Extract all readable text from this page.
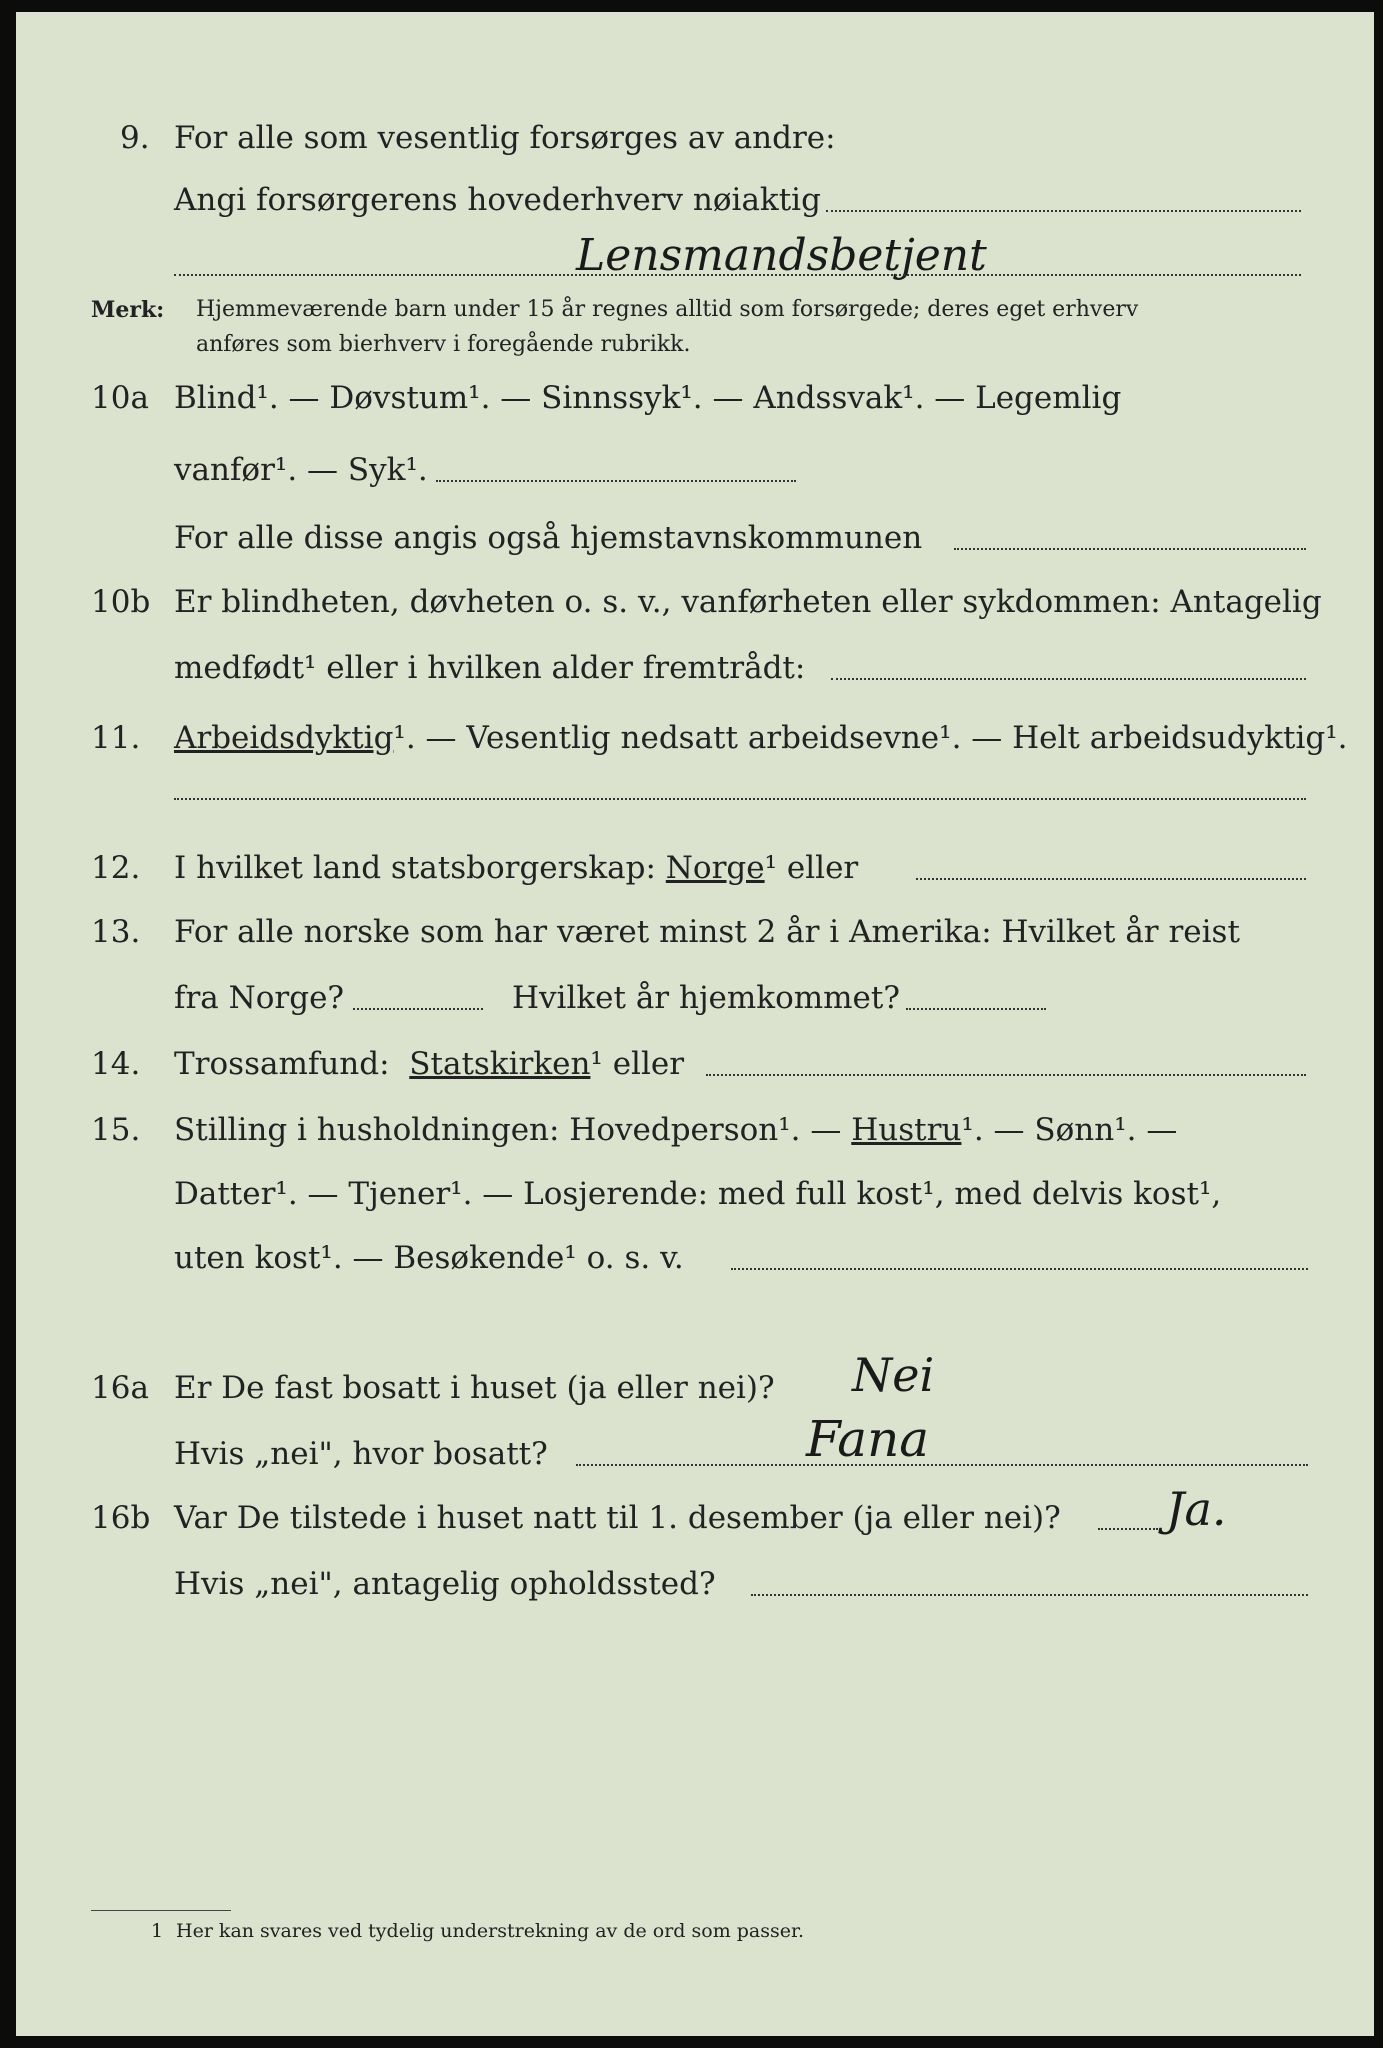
9. For alle som vesentlig forsørges av andre:
Angi forsørgerens hovederhverv nøiaktig
Lensmandsbetjent
Merk: Hjemmeværende barn under 15 år regnes alltid som forsørgede; deres eget erhverv
anføres som bierhverv i foregående rubrikk.
10a Blind¹. — Døvstum¹. — Sinnssyk¹. — Andssvak¹. — Legemlig
vanfør¹. — Syk¹.
For alle disse angis også hjemstavnskommunen
10b Er blindheten, døvheten o. s. v., vanførheten eller sykdommen: Antagelig
medfødt¹ eller i hvilken alder fremtrådt:
11. Arbeidsdyktig¹. — Vesentlig nedsatt arbeidsevne¹. — Helt arbeidsudyktig¹.
12. I hvilket land statsborgerskap: Norge¹ eller
13. For alle norske som har været minst 2 år i Amerika: Hvilket år reist
fra Norge?	Hvilket år hjemkommet?
14. Trossamfund: Statskirken¹ eller
15. Stilling i husholdningen: Hovedperson¹. — Hustru¹. — Sønn¹. —
Datter¹. — Tjener¹. — Losjerende: med full kost¹, med delvis kost¹,
uten kost¹. — Besøkende¹ o. s. v.
16a Er De fast bosatt i huset (ja eller nei)? Nei
Hvis „nei", hvor bosatt?	Fana
16b Var De tilstede i huset natt til 1. desember (ja eller nei)? Ja.
Hvis „nei", antagelig opholdssted?
1 Her kan svares ved tydelig understrekning av de ord som passer.
